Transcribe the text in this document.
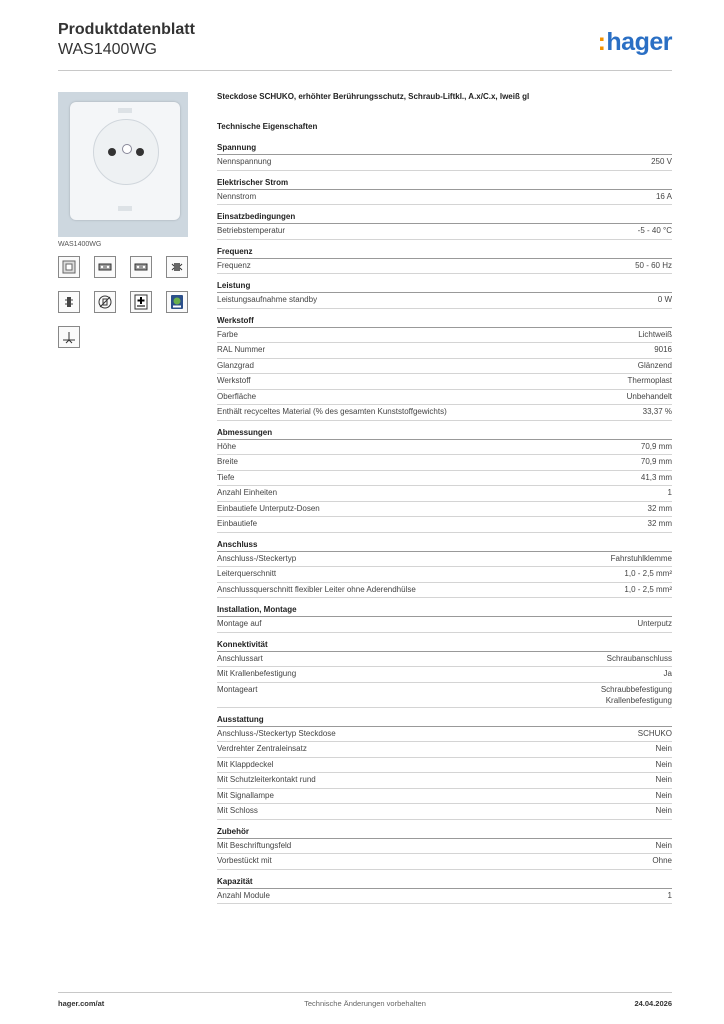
Produktdatenblatt
WAS1400WG	:hager
WAS1400WG
Steckdose SCHUKO, erhöhter Berührungsschutz, Schraub-Liftkl., A.x/C.x, lweiß gl
Technische Eigenschaften
Spannung
Nennspannung	250 V
Elektrischer Strom
Nennstrom	16 A
Einsatzbedingungen
Betriebstemperatur	-5 - 40 °C
Frequenz
Frequenz	50 - 60 Hz
Leistung
Leistungsaufnahme standby	0 W
Werkstoff
Farbe	Lichtweiß
RAL Nummer	9016
Glanzgrad	Glänzend
Werkstoff	Thermoplast
Oberfläche	Unbehandelt
Enthält recyceltes Material (% des gesamten Kunststoffgewichts)	33,37 %
Abmessungen
Höhe	70,9 mm
Breite	70,9 mm
Tiefe	41,3 mm
Anzahl Einheiten	1
Einbautiefe Unterputz-Dosen	32 mm
Einbautiefe	32 mm
Anschluss
Anschluss-/Steckertyp	Fahrstuhlklemme
Leiterquerschnitt	1,0 - 2,5 mm²
Anschlussquerschnitt flexibler Leiter ohne Aderendhülse	1,0 - 2,5 mm²
Installation, Montage
Montage auf	Unterputz
Konnektivität
Anschlussart	Schraubanschluss
Mit Krallenbefestigung	Ja
Montageart	Schraubbefestigung
Krallenbefestigung
Ausstattung
Anschluss-/Steckertyp Steckdose	SCHUKO
Verdrehter Zentraleinsatz	Nein
Mit Klappdeckel	Nein
Mit Schutzleiterkontakt rund	Nein
Mit Signallampe	Nein
Mit Schloss	Nein
Zubehör
Mit Beschriftungsfeld	Nein
Vorbestückt mit	Ohne
Kapazität
Anzahl Module	1
hager.com/at	Technische Änderungen vorbehalten	24.04.2026
